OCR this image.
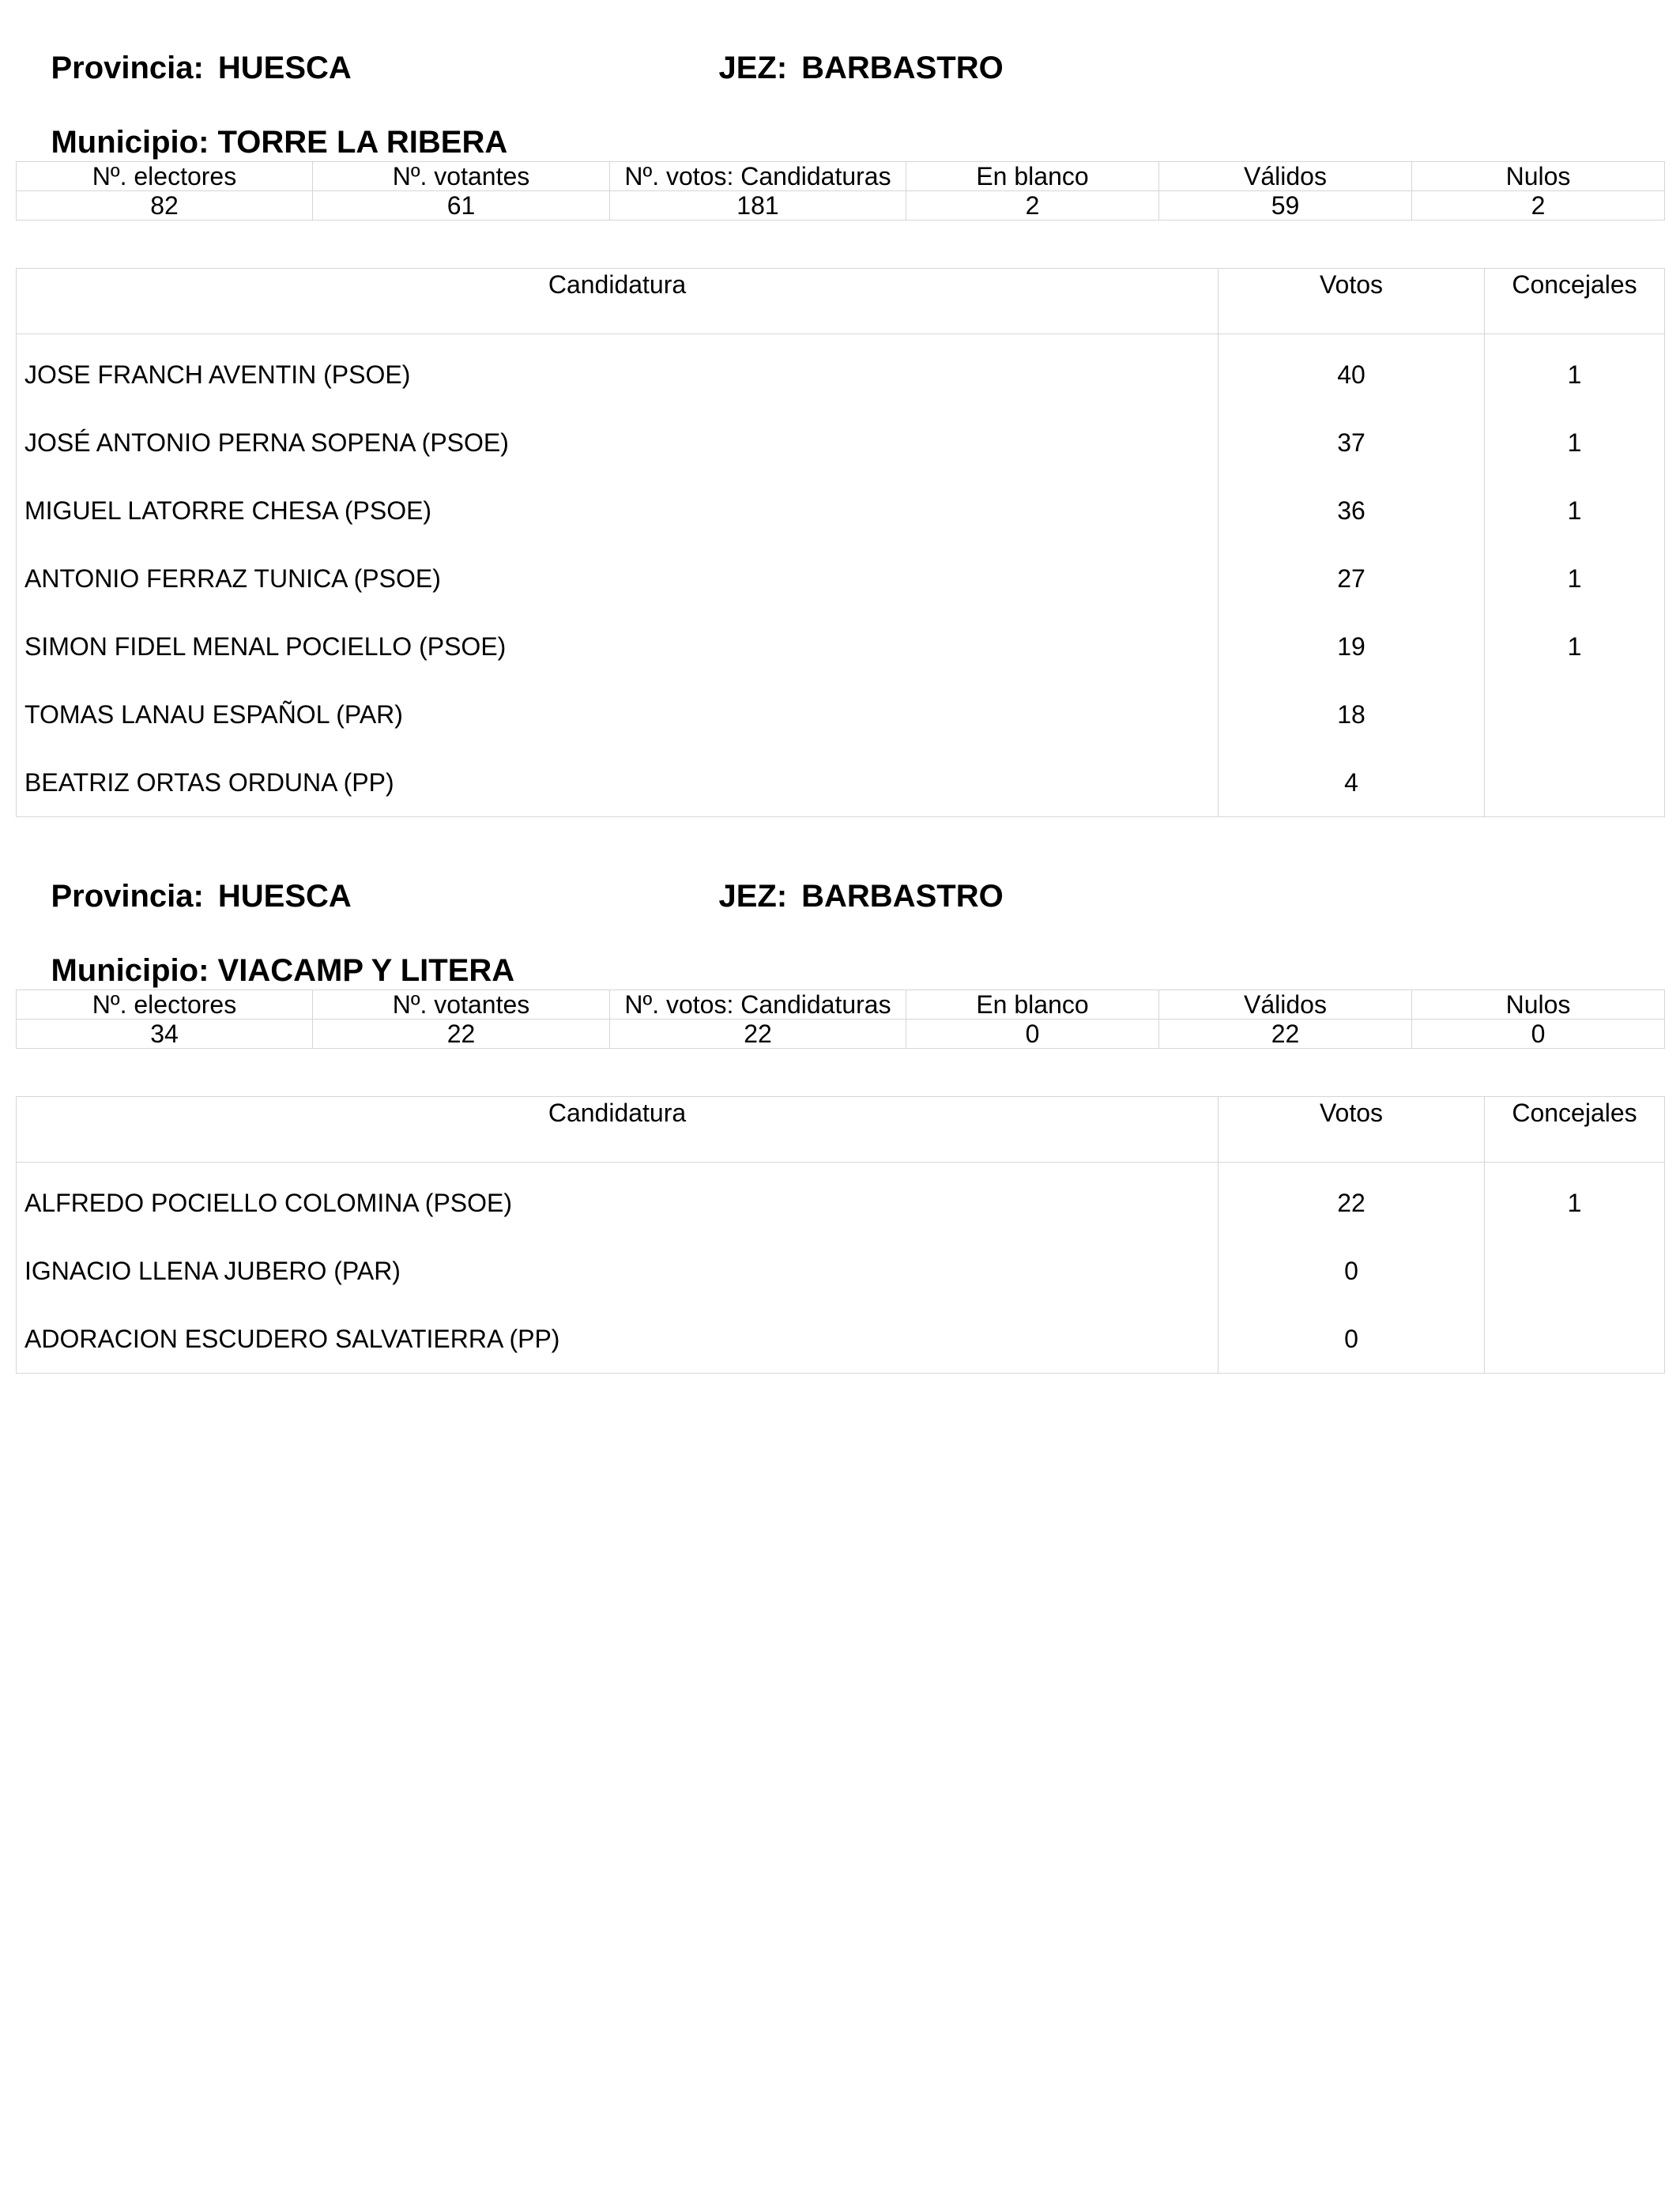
Provincia: HUESCA
	JEZ: BARBASTRO

Municipio: TORRE LA RIBERA

Nº. electores	Nº. votantes	Nº. votos: Candidaturas	En blanco	Válidos	Nulos
82	61	181	2	59	2
Candidatura	Votos	Concejales
JOSE FRANCH AVENTIN (PSOE)	40	1
JOSÉ ANTONIO PERNA SOPENA (PSOE)	37	1
MIGUEL LATORRE CHESA (PSOE)	36	1
ANTONIO FERRAZ TUNICA (PSOE)	27	1
SIMON FIDEL MENAL POCIELLO (PSOE)	19	1
TOMAS LANAU ESPAÑOL (PAR)	18	
BEATRIZ ORTAS ORDUNA (PP)	4	

Provincia: HUESCA
	JEZ: BARBASTRO

Municipio: VIACAMP Y LITERA

Nº. electores	Nº. votantes	Nº. votos: Candidaturas	En blanco	Válidos	Nulos
34	22	22	0	22	0
Candidatura	Votos	Concejales
ALFREDO POCIELLO COLOMINA (PSOE)	22	1
IGNACIO LLENA JUBERO (PAR)	0	
ADORACION ESCUDERO SALVATIERRA (PP)	0	
